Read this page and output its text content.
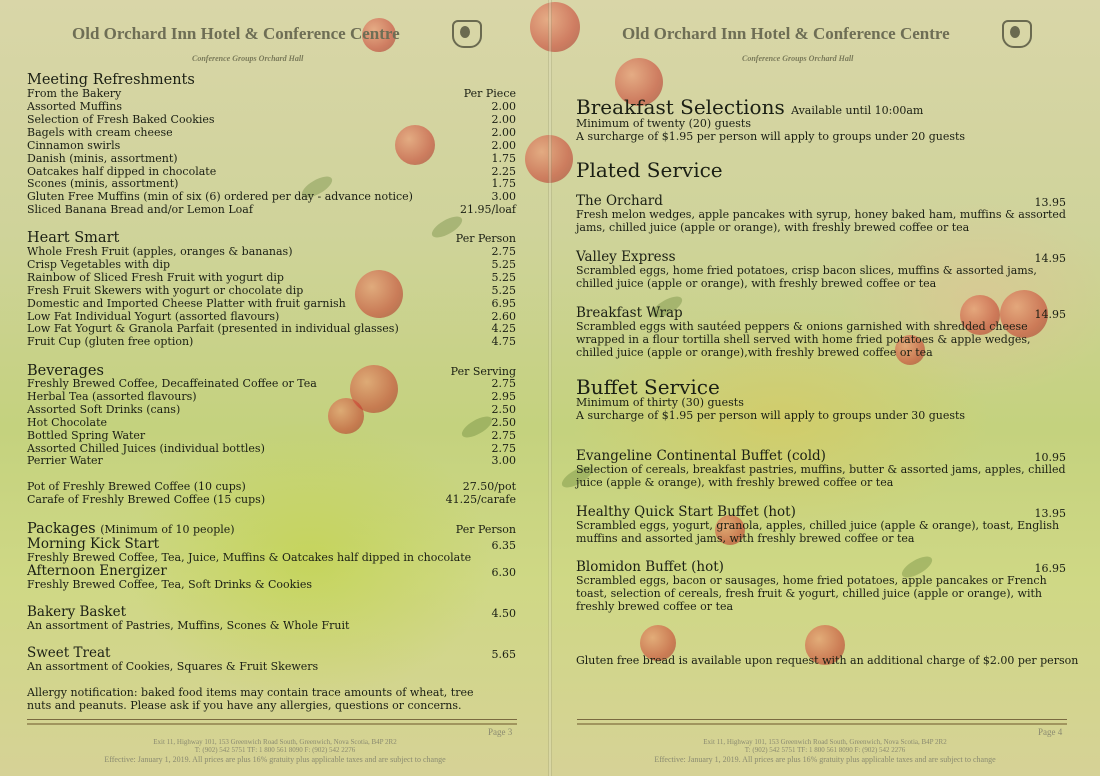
Old Orchard Inn Hotel & Conference Centre
Conference Groups Orchard Hall
Meeting Refreshments
From the Bakery	Per Piece
Heart Smart	Per Person
Beverages	Per Serving
Packages (Minimum of 10 people)	Per Person
Allergy notification: baked food items may contain trace amounts of wheat, tree nuts and peanuts. Please ask if you have any allergies, questions or concerns.
Page 3
Exit 11, Highway 101, 153 Greenwich Road South, Greenwich, Nova Scotia, B4P 2R2
T: (902) 542 5751 TF: 1 800 561 8090 F: (902) 542 2276
Effective: January 1, 2019. All prices are plus 16% gratuity plus applicable taxes and are subject to change
Assorted Muffins	2.00
Selection of Fresh Baked Cookies	2.00
Bagels with cream cheese	2.00
Cinnamon swirls	2.00
Danish (minis, assortment)	1.75
Oatcakes half dipped in chocolate	2.25
Scones (minis, assortment)	1.75
Gluten Free Muffins (min of six (6) ordered per day - advance notice)	3.00
Sliced Banana Bread and/or Lemon Loaf	21.95/loaf
Whole Fresh Fruit (apples, oranges & bananas)	2.75
Crisp Vegetables with dip	5.25
Rainbow of Sliced Fresh Fruit with yogurt dip	5.25
Fresh Fruit Skewers with yogurt or chocolate dip	5.25
Domestic and Imported Cheese Platter with fruit garnish	6.95
Low Fat Individual Yogurt (assorted flavours)	2.60
Low Fat Yogurt & Granola Parfait (presented in individual glasses)	4.25
Fruit Cup (gluten free option)	4.75
Freshly Brewed Coffee, Decaffeinated Coffee or Tea	2.75
Herbal Tea (assorted flavours)	2.95
Assorted Soft Drinks (cans)	2.50
Hot Chocolate	2.50
Bottled Spring Water	2.75
Assorted Chilled Juices (individual bottles)	2.75
Perrier Water	3.00
Pot of Freshly Brewed Coffee (10 cups)	27.50/pot
Carafe of Freshly Brewed Coffee (15 cups)	41.25/carafe
Morning Kick Start	6.35
Freshly Brewed Coffee, Tea, Juice, Muffins & Oatcakes half dipped in chocolate
Afternoon Energizer	6.30
Freshly Brewed Coffee, Tea, Soft Drinks & Cookies
Bakery Basket	4.50
An assortment of Pastries, Muffins, Scones & Whole Fruit
Sweet Treat	5.65
An assortment of Cookies, Squares & Fruit Skewers
Old Orchard Inn Hotel & Conference Centre
Conference Groups Orchard Hall
Breakfast Selections Available until 10:00am
Minimum of twenty (20) guests
A surcharge of $1.95 per person will apply to groups under 20 guests
Plated Service
Buffet Service
Minimum of thirty (30) guests
A surcharge of $1.95 per person will apply to groups under 30 guests
Gluten free bread is available upon request with an additional charge of $2.00 per person
Page 4
Exit 11, Highway 101, 153 Greenwich Road South, Greenwich, Nova Scotia, B4P 2R2
T: (902) 542 5751 TF: 1 800 561 8090 F: (902) 542 2276
Effective: January 1, 2019. All prices are plus 16% gratuity plus applicable taxes and are subject to change
The Orchard	13.95
Fresh melon wedges, apple pancakes with syrup, honey baked ham, muffins & assorted jams, chilled juice (apple or orange), with freshly brewed coffee or tea
Valley Express	14.95
Scrambled eggs, home fried potatoes, crisp bacon slices, muffins & assorted jams, chilled juice (apple or orange), with freshly brewed coffee or tea
Breakfast Wrap	14.95
Scrambled eggs with sautéed peppers & onions garnished with shredded cheese wrapped in a flour tortilla shell served with home fried potatoes & apple wedges, chilled juice (apple or orange),with freshly brewed coffee or tea
Evangeline Continental Buffet (cold)	10.95
Selection of cereals, breakfast pastries, muffins, butter & assorted jams, apples, chilled juice (apple & orange), with freshly brewed coffee or tea
Healthy Quick Start Buffet (hot)	13.95
Scrambled eggs, yogurt, granola, apples, chilled juice (apple & orange), toast, English muffins and assorted jams, with freshly brewed coffee or tea
Blomidon Buffet (hot)	16.95
Scrambled eggs, bacon or sausages, home fried potatoes, apple pancakes or French toast, selection of cereals, fresh fruit & yogurt, chilled juice (apple or orange), with freshly brewed coffee or tea
